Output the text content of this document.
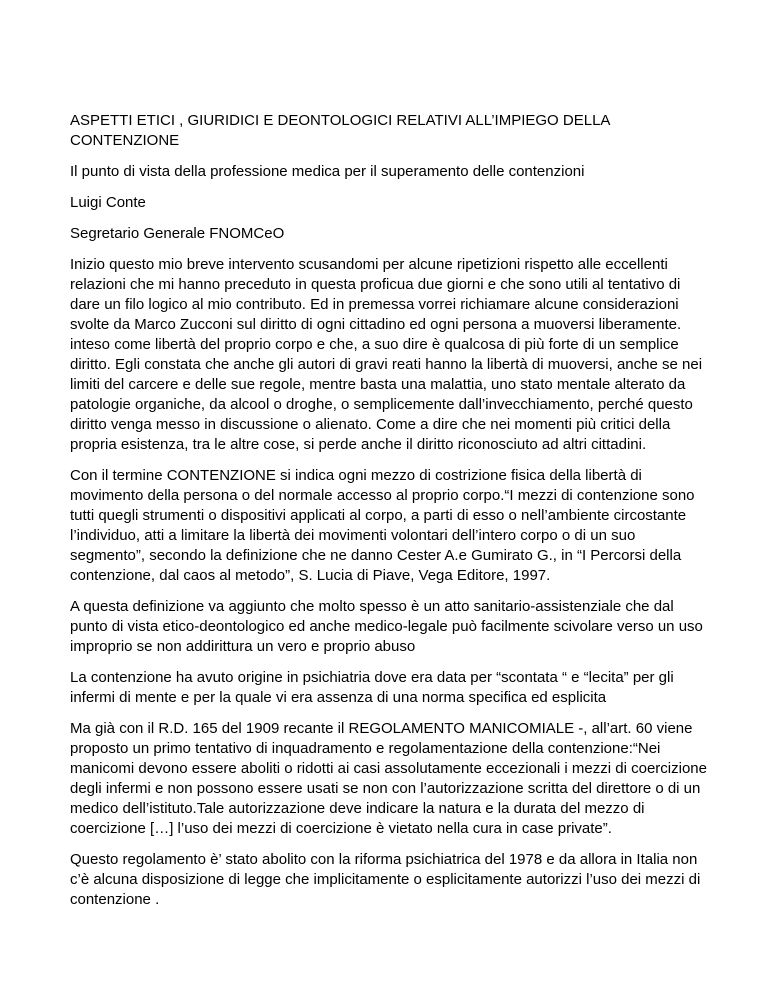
ASPETTI ETICI , GIURIDICI E DEONTOLOGICI RELATIVI ALL’IMPIEGO DELLA CONTENZIONE

Il punto di vista della professione medica per il superamento delle contenzioni

Luigi Conte

Segretario Generale FNOMCeO

Inizio questo mio breve intervento scusandomi per alcune ripetizioni rispetto alle eccellenti relazioni che mi hanno preceduto in questa proficua due giorni e che sono utili al tentativo di dare un filo logico al mio contributo. Ed in premessa vorrei richiamare alcune considerazioni svolte da Marco Zucconi sul diritto di ogni cittadino ed ogni persona a muoversi liberamente. inteso come libertà del proprio corpo e che, a suo dire è qualcosa di più forte di un semplice diritto. Egli constata che anche gli autori di gravi reati hanno la libertà di muoversi, anche se nei limiti del carcere e delle sue regole, mentre basta una malattia, uno stato mentale alterato da patologie organiche, da alcool o droghe, o semplicemente dall’invecchiamento, perché questo diritto venga messo in discussione o alienato. Come a dire che nei momenti più critici della propria esistenza, tra le altre cose, si perde anche il diritto riconosciuto ad altri cittadini.

Con il termine CONTENZIONE si indica ogni mezzo di costrizione fisica della libertà di movimento della persona o del normale accesso al proprio corpo.“I mezzi di contenzione sono tutti quegli strumenti o dispositivi applicati al corpo, a parti di esso o nell’ambiente circostante l’individuo, atti a limitare la libertà dei movimenti volontari dell’intero corpo o di un suo segmento”, secondo la definizione che ne danno Cester A.e Gumirato G., in “I Percorsi della contenzione, dal caos al metodo”, S. Lucia di Piave, Vega Editore, 1997.

A questa definizione va aggiunto che molto spesso è un atto sanitario-assistenziale che dal punto di vista etico-deontologico ed anche medico-legale può facilmente scivolare verso un uso improprio se non addirittura un vero e proprio abuso

La contenzione ha avuto origine in psichiatria dove era data per “scontata “ e “lecita” per gli infermi di mente e per la quale vi era assenza di una norma specifica ed esplicita

Ma già con il R.D. 165 del 1909 recante il REGOLAMENTO MANICOMIALE -, all’art. 60 viene proposto un primo tentativo di inquadramento e regolamentazione della contenzione:“Nei manicomi devono essere aboliti o ridotti ai casi assolutamente eccezionali i mezzi di coercizione degli infermi e non possono essere usati se non con l’autorizzazione scritta del direttore o di un medico dell’istituto.Tale autorizzazione deve indicare la natura e la durata del mezzo di coercizione […] l’uso dei mezzi di coercizione è vietato nella cura in case private”.

Questo regolamento è’ stato abolito con la riforma psichiatrica del 1978 e da allora in Italia non c’è alcuna disposizione di legge che implicitamente o esplicitamente autorizzi l’uso dei mezzi di contenzione .
